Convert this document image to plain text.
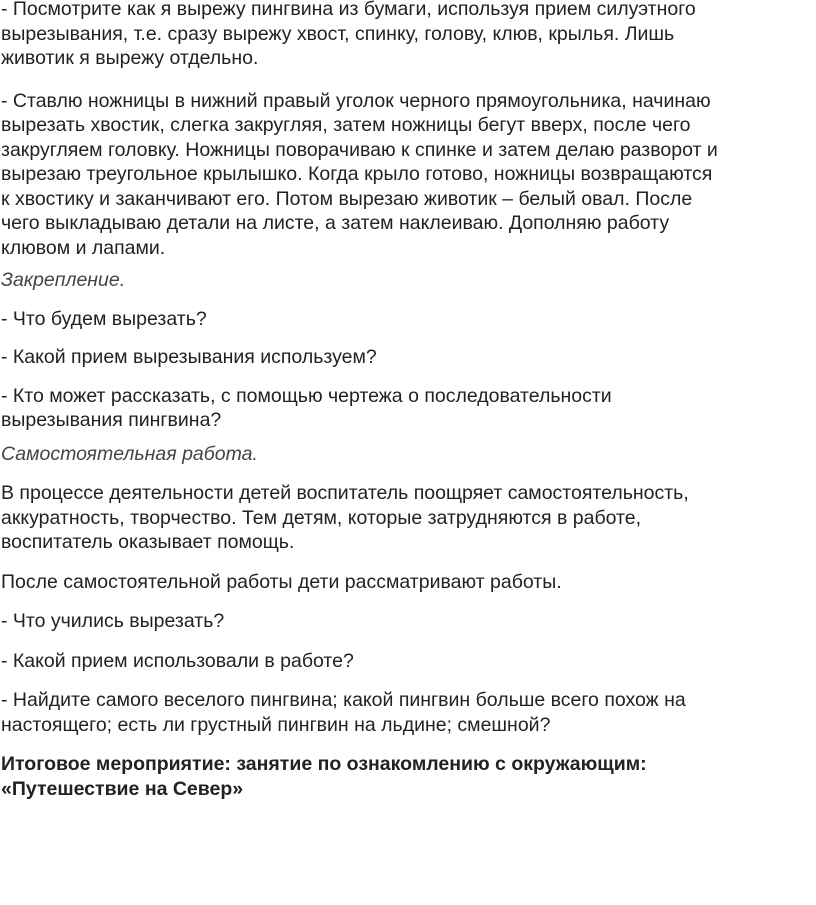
- Посмотрите как я вырежу пингвина из бумаги, используя прием силуэтного
вырезывания, т.е. сразу вырежу хвост, спинку, голову, клюв, крылья. Лишь
животик я вырежу отдельно.

- Ставлю ножницы в нижний правый уголок черного прямоугольника, начинаю
вырезать хвостик, слегка закругляя, затем ножницы бегут вверх, после чего
закругляем головку. Ножницы поворачиваю к спинке и затем делаю разворот и
вырезаю треугольное крылышко. Когда крыло готово, ножницы возвращаются
к хвостику и заканчивают его. Потом вырезаю животик – белый овал. После
чего выкладываю детали на листе, а затем наклеиваю. Дополняю работу
клювом и лапами.

Закрепление.

- Что будем вырезать?

- Какой прием вырезывания используем?

- Кто может рассказать, с помощью чертежа о последовательности
вырезывания пингвина?

Самостоятельная работа.

В процессе деятельности детей воспитатель поощряет самостоятельность,
аккуратность, творчество. Тем детям, которые затрудняются в работе,
воспитатель оказывает помощь.

После самостоятельной работы дети рассматривают работы.

- Что учились вырезать?

- Какой прием использовали в работе?

- Найдите самого веселого пингвина; какой пингвин больше всего похож на
настоящего; есть ли грустный пингвин на льдине; смешной?

Итоговое мероприятие: занятие по ознакомлению с окружающим:
«Путешествие на Север»
